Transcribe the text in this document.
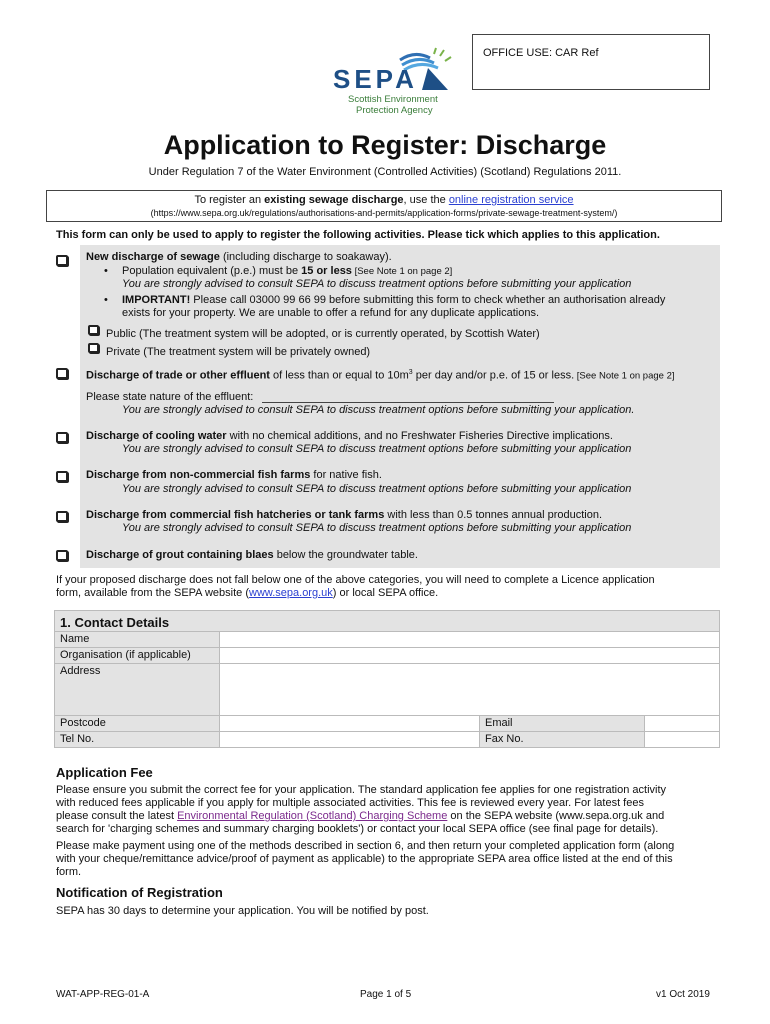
OFFICE USE: CAR Ref
SEPA
Scottish Environment
Protection Agency
Application to Register: Discharge
Under Regulation 7 of the Water Environment (Controlled Activities) (Scotland) Regulations 2011.
To register an existing sewage discharge, use the online registration service
(https://www.sepa.org.uk/regulations/authorisations-and-permits/application-forms/private-sewage-treatment-system/)
This form can only be used to apply to register the following activities. Please tick which applies to this application.
New discharge of sewage (including discharge to soakaway).
• Population equivalent (p.e.) must be 15 or less [See Note 1 on page 2]
You are strongly advised to consult SEPA to discuss treatment options before submitting your application
• IMPORTANT! Please call 03000 99 66 99 before submitting this form to check whether an authorisation already
exists for your property. We are unable to offer a refund for any duplicate applications.
Public (The treatment system will be adopted, or is currently operated, by Scottish Water)
Private (The treatment system will be privately owned)
Discharge of trade or other effluent of less than or equal to $10m^3$ per day and/or p.e. of 15 or less. [See Note 1 on page 2]
Please state nature of the effluent:
You are strongly advised to consult SEPA to discuss treatment options before submitting your application.
Discharge of cooling water with no chemical additions, and no Freshwater Fisheries Directive implications.
You are strongly advised to consult SEPA to discuss treatment options before submitting your application
Discharge from non-commercial fish farms for native fish.
You are strongly advised to consult SEPA to discuss treatment options before submitting your application
Discharge from commercial fish hatcheries or tank farms with less than 0.5 tonnes annual production.
You are strongly advised to consult SEPA to discuss treatment options before submitting your application
Discharge of grout containing blaes below the groundwater table.
If your proposed discharge does not fall below one of the above categories, you will need to complete a Licence application
form, available from the SEPA website (www.sepa.org.uk) or local SEPA office.
1. Contact Details			
Name			
Organisation (if applicable)			
Address			
Postcode		Email	
Tel No.		Fax No.	
Application Fee
Please ensure you submit the correct fee for your application. The standard application fee applies for one registration activity
with reduced fees applicable if you apply for multiple associated activities. This fee is reviewed every year. For latest fees
please consult the latest Environmental Regulation (Scotland) Charging Scheme on the SEPA website (www.sepa.org.uk and
search for 'charging schemes and summary charging booklets') or contact your local SEPA office (see final page for details).
Please make payment using one of the methods described in section 6, and then return your completed application form (along
with your cheque/remittance advice/proof of payment as applicable) to the appropriate SEPA area office listed at the end of this
form.
Notification of Registration
SEPA has 30 days to determine your application. You will be notified by post.
WAT-APP-REG-01-A	Page 1 of 5	v1 Oct 2019
